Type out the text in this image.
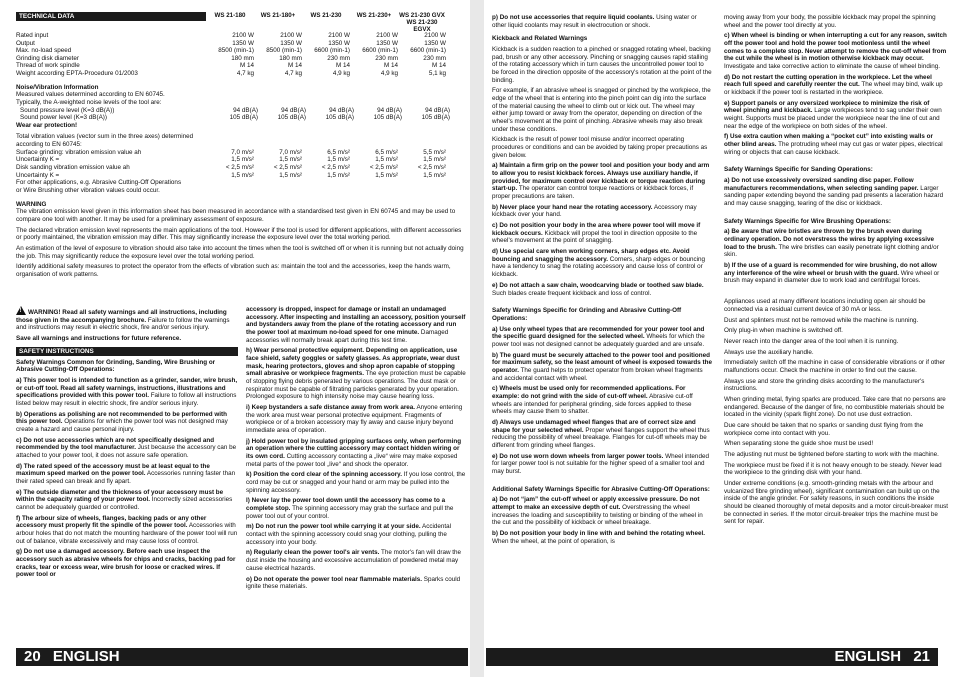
TECHNICAL DATA	WS 21-180	WS 21-180+	WS 21-230	WS 21-230+	WS 21-230 GVX
WS 21-230 EGVX
Rated input	2100 W	2100 W	2100 W	2100 W	2100 W
Output	1350 W	1350 W	1350 W	1350 W	1350 W
Max. no-load speed	8500 (min-1)	8500 (min-1)	6600 (min-1)	6600 (min-1)	6600 (min-1)
Grinding disk diameter	180 mm	180 mm	230 mm	230 mm	230 mm
Thread of work spindle	M 14	M 14	M 14	M 14	M 14
Weight according EPTA-Procedure 01/2003	4,7 kg	4,7 kg	4,9 kg	4,9 kg	5,1 kg
Noise/Vibration Information
Measured values determined according to EN 60745. Typically, the A-weighted noise levels of the tool are:
Sound pressure level (K=3 dB(A))	94 dB(A)	94 dB(A)	94 dB(A)	94 dB(A)	94 dB(A)
Sound power level (K=3 dB(A))	105 dB(A)	105 dB(A)	105 dB(A)	105 dB(A)	105 dB(A)
Wear ear protection!
Total vibration values (vector sum in the three axes) determined according to EN 60745:
Surface grinding: vibration emission value ah	7,0 m/s²	7,0 m/s²	6,5 m/s²	6,5 m/s²	5,5 m/s²
Uncertainty K =	1,5 m/s²	1,5 m/s²	1,5 m/s²	1,5 m/s²	1,5 m/s²
Disk sanding vibration emission value ah	< 2,5 m/s²	< 2,5 m/s²	< 2,5 m/s²	< 2,5 m/s²	< 2,5 m/s²
Uncertainty K =	1,5 m/s²	1,5 m/s²	1,5 m/s²	1,5 m/s²	1,5 m/s²
For other applications, e.g. Abrasive Cutting-Off Operations or Wire Brushing other vibration values could occur.
WARNING

The vibration emission level given in this information sheet has been measured in accordance with a standardised test given in EN 60745 and may be used to compare one tool with another. It may be used for a preliminary assessment of exposure.

The declared vibration emission level represents the main applications of the tool. However if the tool is used for different applications, with different accessories or poorly maintained, the vibration emission may differ. This may significantly increase the exposure level over the total working period.

An estimation of the level of exposure to vibration should also take into account the times when the tool is switched off or when it is running but not actually doing the job. This may significantly reduce the exposure level over the total working period.

Identify additional safety measures to protect the operator from the effects of vibration such as: maintain the tool and the accessories, keep the hands warm, organisation of work patterns.

!WARNING! Read all safety warnings and all instructions, including those given in the accompanying brochure. Failure to follow the warnings and instructions may result in electric shock, fire and/or serious injury.

Save all warnings and instructions for future reference.

SAFETY INSTRUCTIONS

Safety Warnings Common for Grinding, Sanding, Wire Brushing or Abrasive Cutting-Off Operations:

a) This power tool is intended to function as a grinder, sander, wire brush, or cut-off tool. Read all safety warnings, instructions, illustrations and specifications provided with this power tool. Failure to follow all instructions listed below may result in electric shock, fire and/or serious injury.

b) Operations as polishing are not recommended to be performed with this power tool. Operations for which the power tool was not designed may create a hazard and cause personal injury.

c) Do not use accessories which are not specifically designed and recommended by the tool manufacturer. Just because the accessory can be attached to your power tool, it does not assure safe operation.

d) The rated speed of the accessory must be at least equal to the maximum speed marked on the power tool. Accessories running faster than their rated speed can break and fly apart.

e) The outside diameter and the thickness of your accessory must be within the capacity rating of your power tool. Incorrectly sized accessories cannot be adequately guarded or controlled.

f) The arbour size of wheels, flanges, backing pads or any other accessory must properly fit the spindle of the power tool. Accessories with arbour holes that do not match the mounting hardware of the power tool will run out of balance, vibrate excessively and may cause loss of control.

g) Do not use a damaged accessory. Before each use inspect the accessory such as abrasive wheels for chips and cracks, backing pad for cracks, tear or excess wear, wire brush for loose or cracked wires. If power tool or

accessory is dropped, inspect for damage or install an undamaged accessory. After inspecting and installing an accessory, position yourself and bystanders away from the plane of the rotating accessory and run the power tool at maximum no-load speed for one minute. Damaged accessories will normally break apart during this test time.

h) Wear personal protective equipment. Depending on application, use face shield, safety goggles or safety glasses. As appropriate, wear dust mask, hearing protectors, gloves and shop apron capable of stopping small abrasive or workpiece fragments. The eye protection must be capable of stopping flying debris generated by various operations. The dust mask or respirator must be capable of filtrating particles generated by your operation. Prolonged exposure to high intensity noise may cause hearing loss.

i) Keep bystanders a safe distance away from work area. Anyone entering the work area must wear personal protective equipment. Fragments of workpiece or of a broken accessory may fly away and cause injury beyond immediate area of operation.

j) Hold power tool by insulated gripping surfaces only, when performing an operation where the cutting accessory may contact hidden wiring or its own cord. Cutting accessory contacting a „live“ wire may make exposed metal parts of the power tool „live“ and shock the operator.

k) Position the cord clear of the spinning accessory. If you lose control, the cord may be cut or snagged and your hand or arm may be pulled into the spinning accessory.

l) Never lay the power tool down until the accessory has come to a complete stop. The spinning accessory may grab the surface and pull the power tool out of your control.

m) Do not run the power tool while carrying it at your side. Accidental contact with the spinning accessory could snag your clothing, pulling the accessory into your body.

n) Regularly clean the power tool's air vents. The motor's fan will draw the dust inside the housing and excessive accumulation of powdered metal may cause electrical hazards.

o) Do not operate the power tool near flammable materials. Sparks could ignite these materials.

20 ENGLISH

p) Do not use accessories that require liquid coolants. Using water or other liquid coolants may result in electrocution or shock.

Kickback and Related Warnings

Kickback is a sudden reaction to a pinched or snagged rotating wheel, backing pad, brush or any other accessory. Pinching or snagging causes rapid stalling of the rotating accessory which in turn causes the uncontrolled power tool to be forced in the direction opposite of the accessory's rotation at the point of the binding.

For example, if an abrasive wheel is snagged or pinched by the workpiece, the edge of the wheel that is entering into the pinch point can dig into the surface of the material causing the wheel to climb out or kick out. The wheel may either jump toward or away from the operator, depending on direction of the wheel's movement at the point of pinching. Abrasive wheels may also break under these conditions.

Kickback is the result of power tool misuse and/or incorrect operating procedures or conditions and can be avoided by taking proper precautions as given below.

a) Maintain a firm grip on the power tool and position your body and arm to allow you to resist kickback forces. Always use auxiliary handle, if provided, for maximum control over kickback or torque reaction during start-up. The operator can control torque reactions or kickback forces, if proper precautions are taken.

b) Never place your hand near the rotating accessory. Accessory may kickback over your hand.

c) Do not position your body in the area where power tool will move if kickback occurs. Kickback will propel the tool in direction opposite to the wheel's movement at the point of snagging.

d) Use special care when working corners, sharp edges etc. Avoid bouncing and snagging the accessory. Corners, sharp edges or bouncing have a tendency to snag the rotating accessory and cause loss of control or kickback.

e) Do not attach a saw chain, woodcarving blade or toothed saw blade. Such blades create frequent kickback and loss of control.

Safety Warnings Specific for Grinding and Abrasive Cutting-Off Operations:

a) Use only wheel types that are recommended for your power tool and the specific guard designed for the selected wheel. Wheels for which the power tool was not designed cannot be adequately guarded and are unsafe.

b) The guard must be securely attached to the power tool and positioned for maximum safety, so the least amount of wheel is exposed towards the operator. The guard helps to protect operator from broken wheel fragments and accidental contact with wheel.

c) Wheels must be used only for recommended applications. For example: do not grind with the side of cut-off wheel. Abrasive cut-off wheels are intended for peripheral grinding, side forces applied to these wheels may cause them to shatter.

d) Always use undamaged wheel flanges that are of correct size and shape for your selected wheel. Proper wheel flanges support the wheel thus reducing the possibility of wheel breakage. Flanges for cut-off wheels may be different from grinding wheel flanges.

e) Do not use worn down wheels from larger power tools. Wheel intended for larger power tool is not suitable for the higher speed of a smaller tool and may burst.

Additional Safety Warnings Specific for Abrasive Cutting-Off Operations:

a) Do not “jam” the cut-off wheel or apply excessive pressure. Do not attempt to make an excessive depth of cut. Overstressing the wheel increases the loading and susceptibility to twisting or binding of the wheel in the cut and the possibility of kickback or wheel breakage.

b) Do not position your body in line with and behind the rotating wheel. When the wheel, at the point of operation, is

moving away from your body, the possible kickback may propel the spinning wheel and the power tool directly at you.

c) When wheel is binding or when interrupting a cut for any reason, switch off the power tool and hold the power tool motionless until the wheel comes to a complete stop. Never attempt to remove the cut-off wheel from the cut while the wheel is in motion otherwise kickback may occur. Investigate and take corrective action to eliminate the cause of wheel binding.

d) Do not restart the cutting operation in the workpiece. Let the wheel reach full speed and carefully reenter the cut. The wheel may bind, walk up or kickback if the power tool is restarted in the workpiece.

e) Support panels or any oversized workpiece to minimize the risk of wheel pinching and kickback. Large workpieces tend to sag under their own weight. Supports must be placed under the workpiece near the line of cut and near the edge of the workpiece on both sides of the wheel.

f) Use extra caution when making a “pocket cut” into existing walls or other blind areas. The protruding wheel may cut gas or water pipes, electrical wiring or objects that can cause kickback.

Safety Warnings Specific for Sanding Operations:

a) Do not use excessively oversized sanding disc paper. Follow manufacturers recommendations, when selecting sanding paper. Larger sanding paper extending beyond the sanding pad presents a laceration hazard and may cause snagging, tearing of the disc or kickback.

Safety Warnings Specific for Wire Brushing Operations:

a) Be aware that wire bristles are thrown by the brush even during ordinary operation. Do not overstress the wires by applying excessive load to the brush. The wire bristles can easily penetrate light clothing and/or skin.

b) If the use of a guard is recommended for wire brushing, do not allow any interference of the wire wheel or brush with the guard. Wire wheel or brush may expand in diameter due to work load and centrifugal forces.

Appliances used at many different locations including open air should be connected via a residual current device of 30 mA or less.

Dust and splinters must not be removed while the machine is running.

Only plug-in when machine is switched off.

Never reach into the danger area of the tool when it is running.

Always use the auxiliary handle.

Immediately switch off the machine in case of considerable vibrations or if other malfunctions occur. Check the machine in order to find out the cause.

Always use and store the grinding disks according to the manufacturer's instructions.

When grinding metal, flying sparks are produced. Take care that no persons are endangered. Because of the danger of fire, no combustible materials should be located in the vicinity (spark flight zone). Do not use dust extraction.

Due care should be taken that no sparks or sanding dust flying from the workpiece come into contact with you.

When separating stone the guide shoe must be used!

The adjusting nut must be tightened before starting to work with the machine.

The workpiece must be fixed if it is not heavy enough to be steady. Never lead the workpiece to the grinding disk with your hand.

Under extreme conditions (e.g. smooth-grinding metals with the arbour and vulcanized fibre grinding wheel), significant contamination can build up on the inside of the angle grinder. For safety reasons, in such conditions the inside should be cleaned thoroughly of metal deposits and a motor circuit-breaker must be connected in series. If the motor circuit-breaker trips the machine must be sent for repair.

ENGLISH 21
